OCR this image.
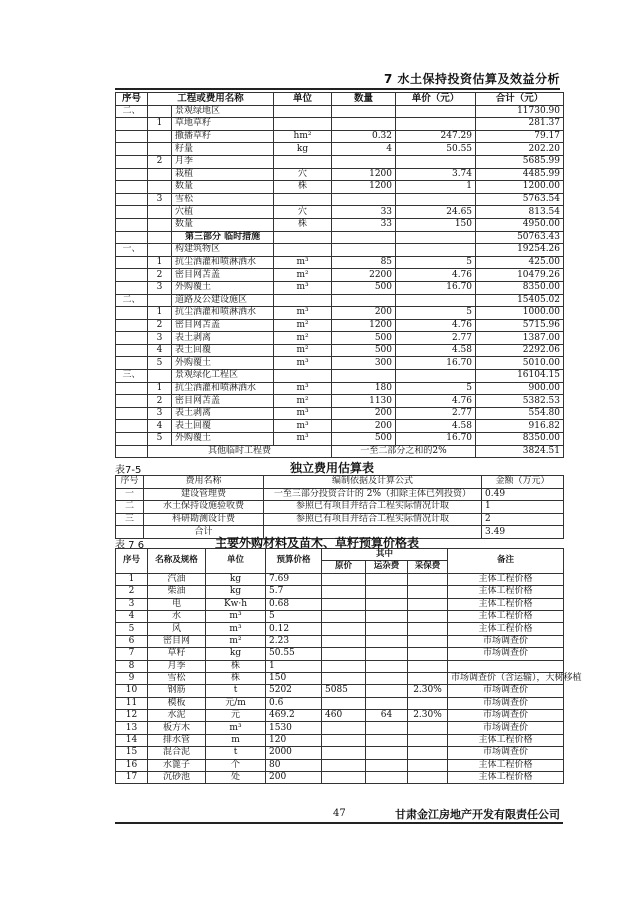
7 水土保持投资估算及效益分析
序号	工程或费用名称		单位	数量	单价（元）	合计（元）
二、		景观绿地区				11730.90
	1	草地草籽				281.37
		撒播草籽	hm²	0.32	247.29	79.17
		籽量	kg	4	50.55	202.20
	2	月季				5685.99
		栽植	穴	1200	3.74	4485.99
		数量	株	1200	1	1200.00
	3	雪松				5763.54
		穴植	穴	33	24.65	813.54
		数量	株	33	150	4950.00
		第三部分 临时措施				50763.43
一、		构建筑物区				19254.26
	1	抗尘洒灌和喷淋洒水	m³	85	5	425.00
	2	密目网苫盖	m²	2200	4.76	10479.26
	3	外购覆土	m³	500	16.70	8350.00
二、		道路及公建设施区				15405.02
	1	抗尘洒灌和喷淋洒水	m³	200	5	1000.00
	2	密目网苫盖	m²	1200	4.76	5715.96
	3	表土剥离	m²	500	2.77	1387.00
	4	表土回覆	m²	500	4.58	2292.06
	5	外购覆土	m³	300	16.70	5010.00
三、		景观绿化工程区				16104.15
	1	抗尘洒灌和喷淋洒水	m³	180	5	900.00
	2	密目网苫盖	m²	1130	4.76	5382.53
	3	表土剥离	m³	200	2.77	554.80
	4	表土回覆	m³	200	4.58	916.82
	5	外购覆土	m³	500	16.70	8350.00
	其他临时工程费			一至二部分之和的2%		3824.51
表7-5	独立费用估算表
序号	费用名称	编制依据及计算公式	金额（万元）
一	建设管理费	一至三部分投资合计的 2%（扣除主体已列投资）	0.49
二	水土保持设施验收费	参照已有项目并结合工程实际情况计取	1
三	科研勘测设计费	参照已有项目并结合工程实际情况计取	2
	合计		3.49
表 7 6	主要外购材料及苗木、草籽预算价格表
序号	名称及规格	单位	预算价格	其中			备注
				原价	运杂费	采保费	
1	汽油	kg	7.69				主体工程价格
2	柴油	kg	5.7				主体工程价格
3	电	Kw·h	0.68				主体工程价格
4	水	m³	5				主体工程价格
5	风	m³	0.12				主体工程价格
6	密目网	m²	2.23				市场调查价
7	草籽	kg	50.55				市场调查价
8	月季	株	1				
9	雪松	株	150				市场调查价（含运输），大树移植
10	钢筋	t	5202	5085		2.30%	市场调查价
11	模板	元/m	0.6				市场调查价
12	水泥	元	469.2	460	64	2.30%	市场调查价
13	板方木	m³	1530				市场调查价
14	排水管	m	120				主体工程价格
15	混合泥	t	2000				市场调查价
16	水篦子	个	80				主体工程价格
17	沉砂池	处	200				主体工程价格
47	甘肃金江房地产开发有限责任公司
